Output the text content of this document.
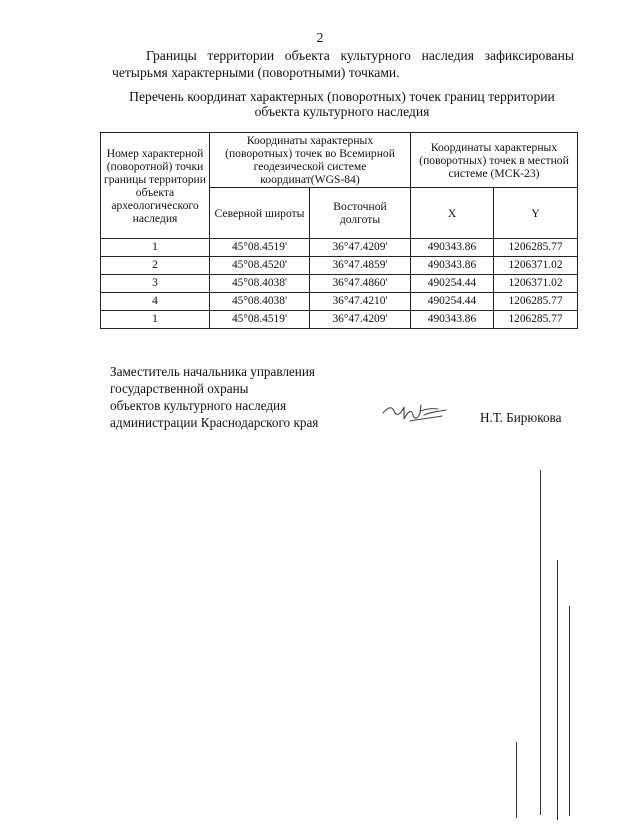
2

Границы территории объекта культурного наследия зафиксированы четырьмя характерными (поворотными) точками.

Перечень координат характерных (поворотных) точек границ территории объекта культурного наследия
Номер характерной (поворотной) точки границы территории объекта археологического наследия	Координаты характерных (поворотных) точек во Всемирной геодезической системе координат(WGS-84)		Координаты характерных (поворотных) точек в местной системе (МСК-23)	
	Северной широты	Восточной долготы	X	Y
1	45°08.4519'	36°47.4209'	490343.86	1206285.77
2	45°08.4520'	36°47.4859'	490343.86	1206371.02
3	45°08.4038'	36°47.4860'	490254.44	1206371.02
4	45°08.4038'	36°47.4210'	490254.44	1206285.77
1	45°08.4519'	36°47.4209'	490343.86	1206285.77
Заместитель начальника управления
государственной охраны
объектов культурного наследия
администрации Краснодарского края	Н.Т. Бирюкова
